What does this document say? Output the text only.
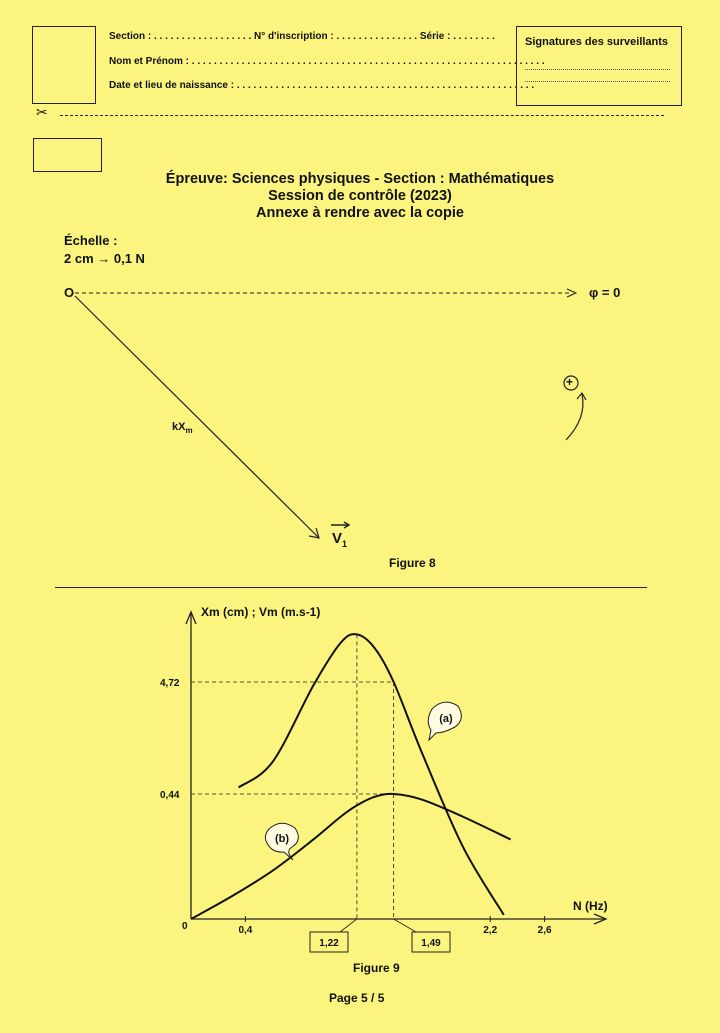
Section : . . . . . . . . . . . . . . . . . . N° d'inscription : . . . . . . . . . . . . . . . Série : . . . . . . . .
Nom et Prénom : . . . . . . . . . . . . . . . . . . . . . . . . . . . . . . . . . . . . . . . . . . . . . . . . . . . . . . . . . . . . . . . .
Date et lieu de naissance : . . . . . . . . . . . . . . . . . . . . . . . . . . . . . . . . . . . . . . . . . . . . . . . . . . . . . .
Signatures des surveillants
✂
Épreuve: Sciences physiques - Section : Mathématiques
Session de contrôle (2023)
Annexe à rendre avec la copie
Échelle :
2 cm → 0,1 N
O	φ = 0
+
$kX_m$
$V_1$
Figure 8
Xm (cm) ; Vm (m.s-1)
N (Hz)
0	0,4	2,2	2,6
4,72
0,44
1,22	1,49
(a)
(b)
Figure 9
Page 5 / 5
